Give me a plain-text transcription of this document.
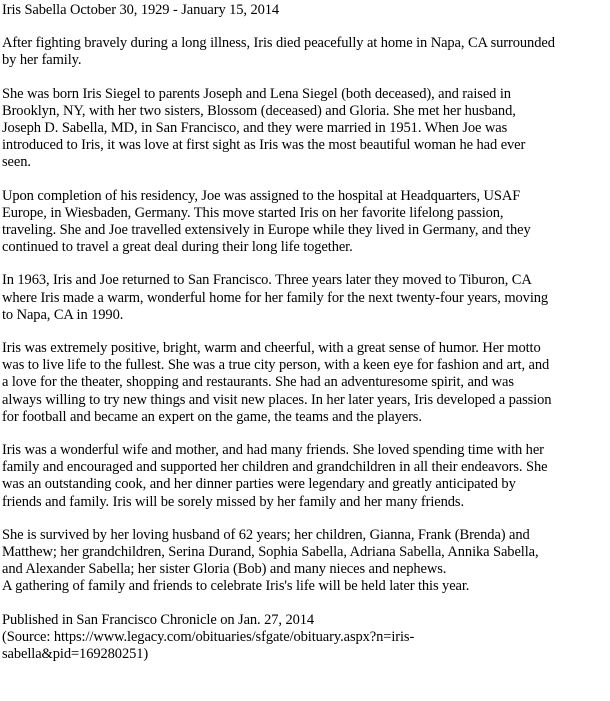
Iris Sabella October 30, 1929 - January 15, 2014

After fighting bravely during a long illness, Iris died peacefully at home in Napa, CA surrounded
by her family.

She was born Iris Siegel to parents Joseph and Lena Siegel (both deceased), and raised in
Brooklyn, NY, with her two sisters, Blossom (deceased) and Gloria. She met her husband,
Joseph D. Sabella, MD, in San Francisco, and they were married in 1951. When Joe was
introduced to Iris, it was love at first sight as Iris was the most beautiful woman he had ever
seen.

Upon completion of his residency, Joe was assigned to the hospital at Headquarters, USAF
Europe, in Wiesbaden, Germany. This move started Iris on her favorite lifelong passion,
traveling. She and Joe travelled extensively in Europe while they lived in Germany, and they
continued to travel a great deal during their long life together.

In 1963, Iris and Joe returned to San Francisco. Three years later they moved to Tiburon, CA
where Iris made a warm, wonderful home for her family for the next twenty-four years, moving
to Napa, CA in 1990.

Iris was extremely positive, bright, warm and cheerful, with a great sense of humor. Her motto
was to live life to the fullest. She was a true city person, with a keen eye for fashion and art, and
a love for the theater, shopping and restaurants. She had an adventuresome spirit, and was
always willing to try new things and visit new places. In her later years, Iris developed a passion
for football and became an expert on the game, the teams and the players.

Iris was a wonderful wife and mother, and had many friends. She loved spending time with her
family and encouraged and supported her children and grandchildren in all their endeavors. She
was an outstanding cook, and her dinner parties were legendary and greatly anticipated by
friends and family. Iris will be sorely missed by her family and her many friends.

She is survived by her loving husband of 62 years; her children, Gianna, Frank (Brenda) and
Matthew; her grandchildren, Serina Durand, Sophia Sabella, Adriana Sabella, Annika Sabella,
and Alexander Sabella; her sister Gloria (Bob) and many nieces and nephews.

A gathering of family and friends to celebrate Iris's life will be held later this year.

Published in San Francisco Chronicle on Jan. 27, 2014

(Source: https://www.legacy.com/obituaries/sfgate/obituary.aspx?n=iris-
sabella&pid=169280251)
